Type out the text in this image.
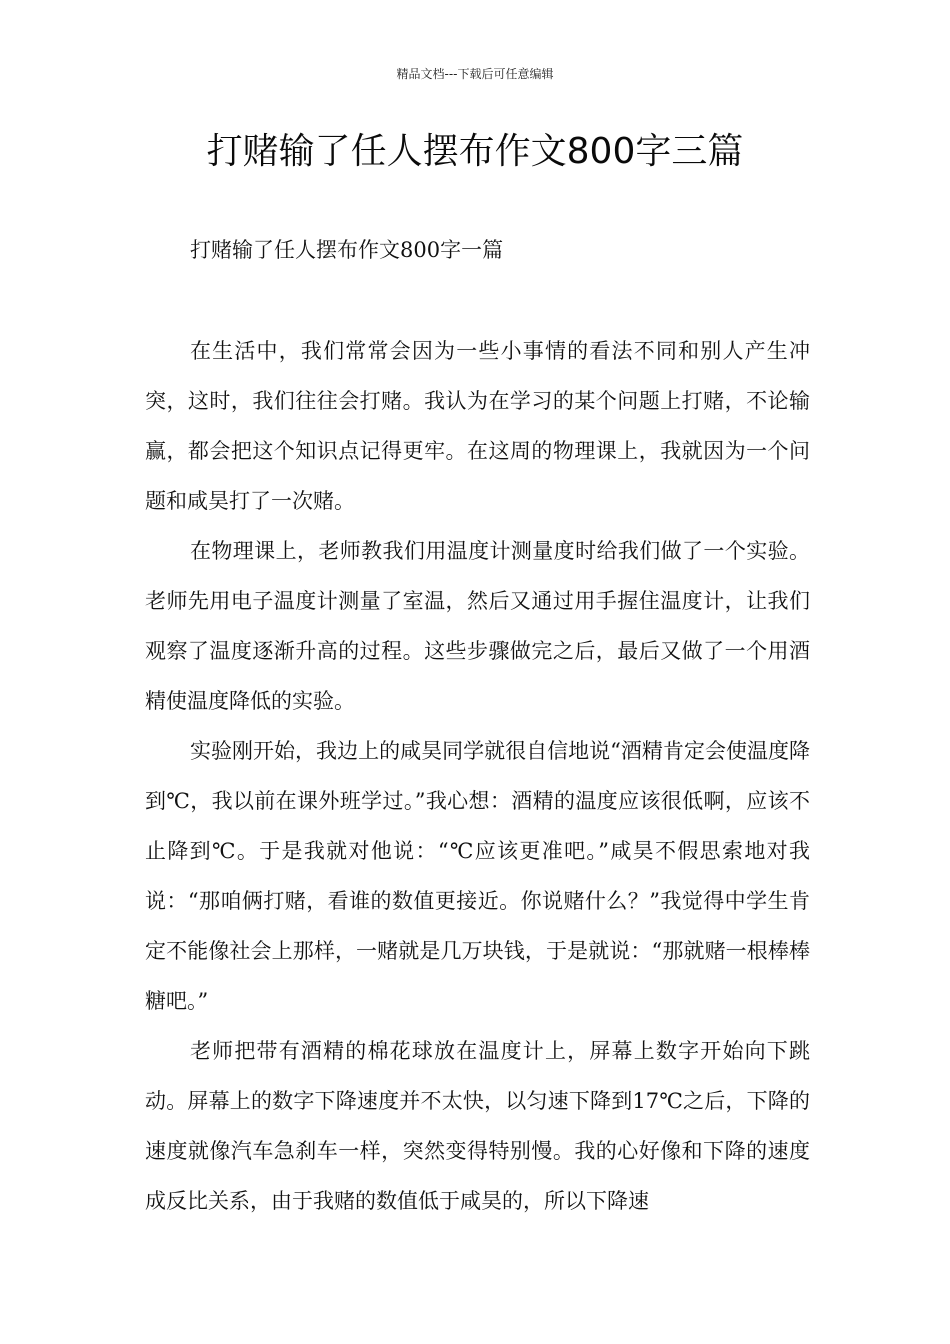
精品文档---下载后可任意编辑
打赌输了任人摆布作文800字三篇
打赌输了任人摆布作文800字一篇

在生活中，我们常常会因为一些小事情的看法不同和别人产生冲突，这时，我们往往会打赌。我认为在学习的某个问题上打赌，不论输赢，都会把这个知识点记得更牢。在这周的物理课上，我就因为一个问题和咸昊打了一次赌。

在物理课上，老师教我们用温度计测量度时给我们做了一个实验。老师先用电子温度计测量了室温，然后又通过用手握住温度计，让我们观察了温度逐渐升高的过程。这些步骤做完之后，最后又做了一个用酒精使温度降低的实验。

实验刚开始，我边上的咸昊同学就很自信地说“酒精肯定会使温度降到℃，我以前在课外班学过。”我心想：酒精的温度应该很低啊，应该不止降到℃。于是我就对他说：“℃应该更准吧。”咸昊不假思索地对我说：“那咱俩打赌，看谁的数值更接近。你说赌什么？”我觉得中学生肯定不能像社会上那样，一赌就是几万块钱，于是就说：“那就赌一根棒棒糖吧。”

老师把带有酒精的棉花球放在温度计上，屏幕上数字开始向下跳动。屏幕上的数字下降速度并不太快，以匀速下降到17℃之后，下降的速度就像汽车急刹车一样，突然变得特别慢。我的心好像和下降的速度成反比关系，由于我赌的数值低于咸昊的，所以下降速
